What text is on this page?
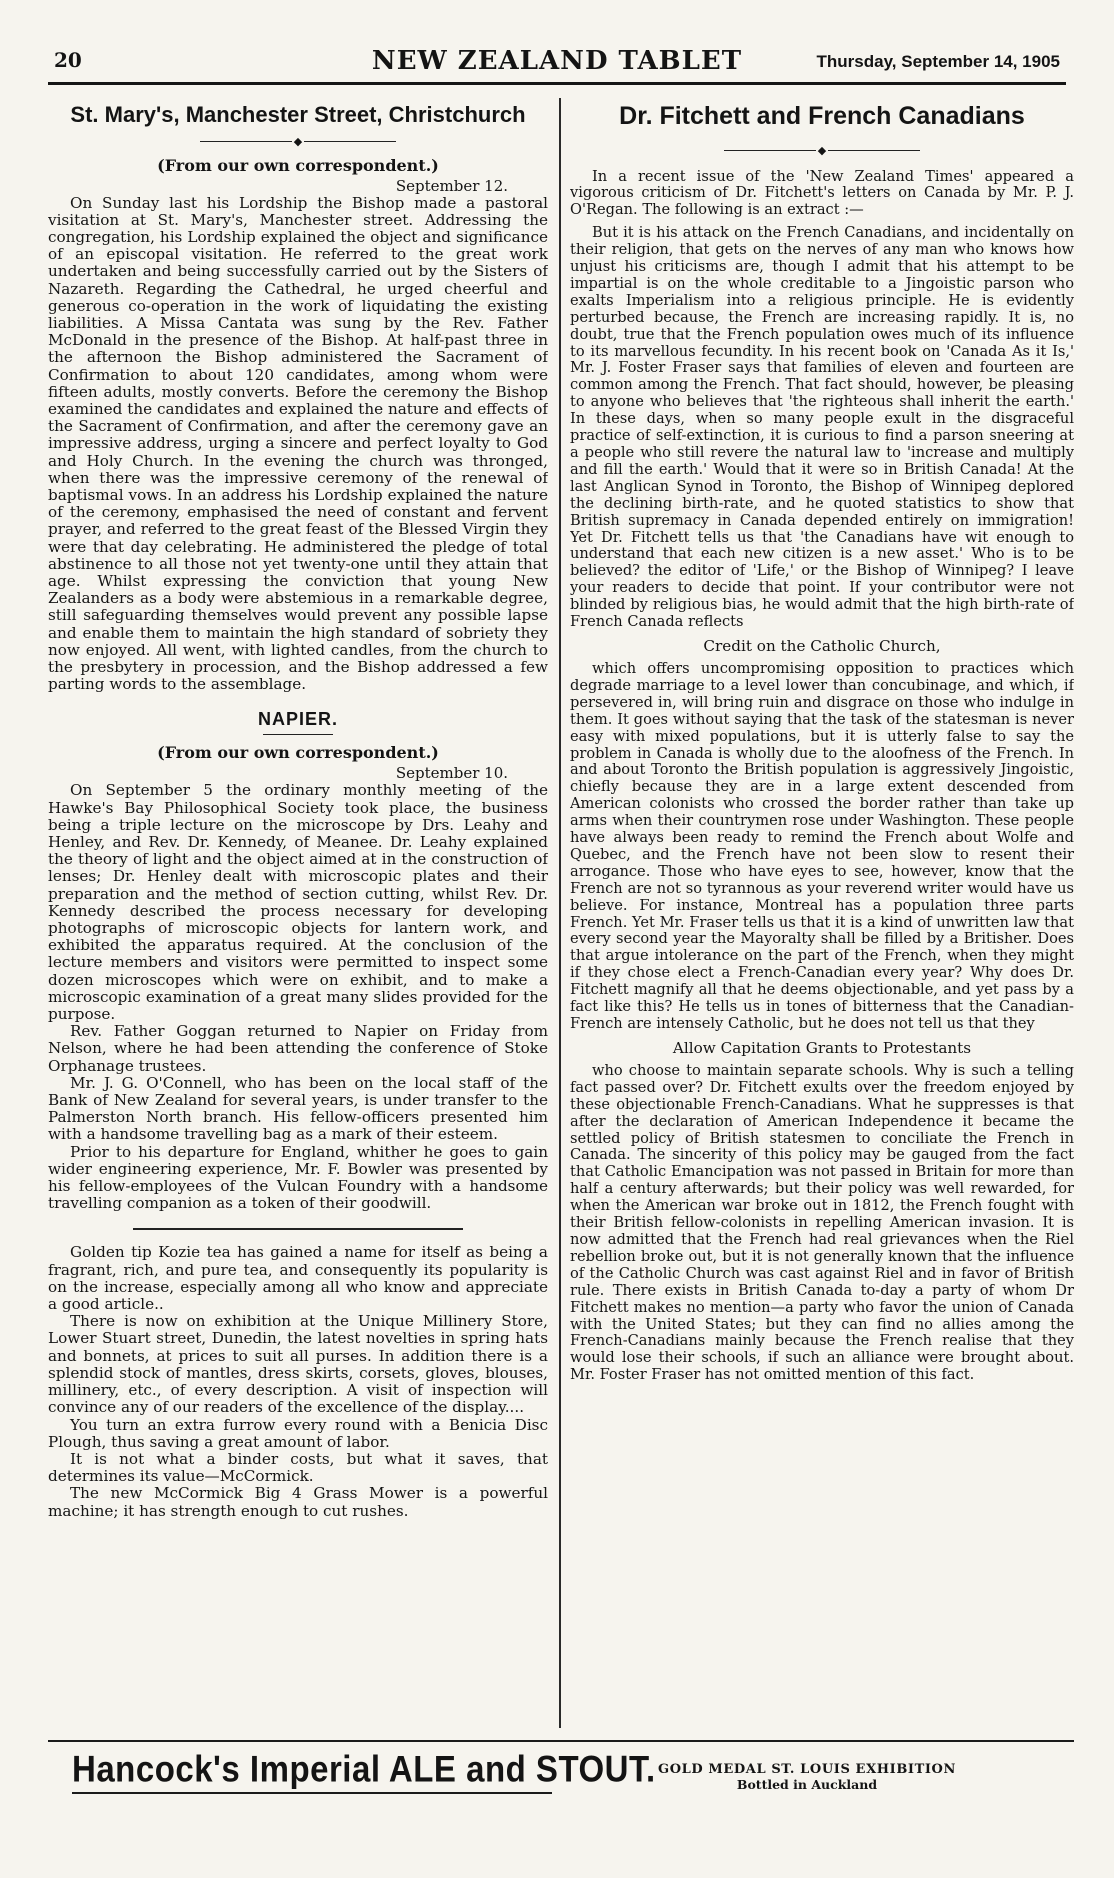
20	NEW ZEALAND TABLET	Thursday, September 14, 1905
St. Mary's, Manchester Street, Christchurch
◆
(From our own correspondent.)
September 12.

On Sunday last his Lordship the Bishop made a pastoral visitation at St. Mary's, Manchester street. Addressing the congregation, his Lordship explained the object and significance of an episcopal visitation. He referred to the great work undertaken and being successfully carried out by the Sisters of Nazareth. Regarding the Cathedral, he urged cheerful and generous co-operation in the work of liquidating the existing liabilities. A Missa Cantata was sung by the Rev. Father McDonald in the presence of the Bishop. At half-past three in the afternoon the Bishop administered the Sacrament of Confirmation to about 120 candidates, among whom were fifteen adults, mostly converts. Before the ceremony the Bishop examined the candidates and explained the nature and effects of the Sacrament of Confirmation, and after the ceremony gave an impressive address, urging a sincere and perfect loyalty to God and Holy Church. In the evening the church was thronged, when there was the impressive ceremony of the renewal of baptismal vows. In an address his Lordship explained the nature of the ceremony, emphasised the need of constant and fervent prayer, and referred to the great feast of the Blessed Virgin they were that day celebrating. He administered the pledge of total abstinence to all those not yet twenty-one until they attain that age. Whilst expressing the conviction that young New Zealanders as a body were abstemious in a remarkable degree, still safeguarding themselves would prevent any possible lapse and enable them to maintain the high standard of sobriety they now enjoyed. All went, with lighted candles, from the church to the presbytery in procession, and the Bishop addressed a few parting words to the assemblage.

NAPIER.
(From our own correspondent.)
September 10.

On September 5 the ordinary monthly meeting of the Hawke's Bay Philosophical Society took place, the business being a triple lecture on the microscope by Drs. Leahy and Henley, and Rev. Dr. Kennedy, of Meanee. Dr. Leahy explained the theory of light and the object aimed at in the construction of lenses; Dr. Henley dealt with microscopic plates and their preparation and the method of section cutting, whilst Rev. Dr. Kennedy described the process necessary for developing photographs of microscopic objects for lantern work, and exhibited the apparatus required. At the conclusion of the lecture members and visitors were permitted to inspect some dozen microscopes which were on exhibit, and to make a microscopic examination of a great many slides provided for the purpose.

Rev. Father Goggan returned to Napier on Friday from Nelson, where he had been attending the conference of Stoke Orphanage trustees.

Mr. J. G. O'Connell, who has been on the local staff of the Bank of New Zealand for several years, is under transfer to the Palmerston North branch. His fellow-officers presented him with a handsome travelling bag as a mark of their esteem.

Prior to his departure for England, whither he goes to gain wider engineering experience, Mr. F. Bowler was presented by his fellow-employees of the Vulcan Foundry with a handsome travelling companion as a token of their goodwill.

Golden tip Kozie tea has gained a name for itself as being a fragrant, rich, and pure tea, and consequently its popularity is on the increase, especially among all who know and appreciate a good article..

There is now on exhibition at the Unique Millinery Store, Lower Stuart street, Dunedin, the latest novelties in spring hats and bonnets, at prices to suit all purses. In addition there is a splendid stock of mantles, dress skirts, corsets, gloves, blouses, millinery, etc., of every description. A visit of inspection will convince any of our readers of the excellence of the display....

You turn an extra furrow every round with a Benicia Disc Plough, thus saving a great amount of labor.

It is not what a binder costs, but what it saves, that determines its value—McCormick.

The new McCormick Big 4 Grass Mower is a powerful machine; it has strength enough to cut rushes.

Dr. Fitchett and French Canadians
◆

In a recent issue of the 'New Zealand Times' appeared a vigorous criticism of Dr. Fitchett's letters on Canada by Mr. P. J. O'Regan. The following is an extract :—

But it is his attack on the French Canadians, and incidentally on their religion, that gets on the nerves of any man who knows how unjust his criticisms are, though I admit that his attempt to be impartial is on the whole creditable to a Jingoistic parson who exalts Imperialism into a religious principle. He is evidently perturbed because, the French are increasing rapidly. It is, no doubt, true that the French population owes much of its influence to its marvellous fecundity. In his recent book on 'Canada As it Is,' Mr. J. Foster Fraser says that families of eleven and fourteen are common among the French. That fact should, however, be pleasing to anyone who believes that 'the righteous shall inherit the earth.' In these days, when so many people exult in the disgraceful practice of self-extinction, it is curious to find a parson sneering at a people who still revere the natural law to 'increase and multiply and fill the earth.' Would that it were so in British Canada! At the last Anglican Synod in Toronto, the Bishop of Winnipeg deplored the declining birth-rate, and he quoted statistics to show that British supremacy in Canada depended entirely on immigration! Yet Dr. Fitchett tells us that 'the Canadians have wit enough to understand that each new citizen is a new asset.' Who is to be believed? the editor of 'Life,' or the Bishop of Winnipeg? I leave your readers to decide that point. If your contributor were not blinded by religious bias, he would admit that the high birth-rate of French Canada reflects

Credit on the Catholic Church,

which offers uncompromising opposition to practices which degrade marriage to a level lower than concubinage, and which, if persevered in, will bring ruin and disgrace on those who indulge in them. It goes without saying that the task of the statesman is never easy with mixed populations, but it is utterly false to say the problem in Canada is wholly due to the aloofness of the French. In and about Toronto the British population is aggressively Jingoistic, chiefly because they are in a large extent descended from American colonists who crossed the border rather than take up arms when their countrymen rose under Washington. These people have always been ready to remind the French about Wolfe and Quebec, and the French have not been slow to resent their arrogance. Those who have eyes to see, however, know that the French are not so tyrannous as your reverend writer would have us believe. For instance, Montreal has a population three parts French. Yet Mr. Fraser tells us that it is a kind of unwritten law that every second year the Mayoralty shall be filled by a Britisher. Does that argue intolerance on the part of the French, when they might if they chose elect a French-Canadian every year? Why does Dr. Fitchett magnify all that he deems objectionable, and yet pass by a fact like this? He tells us in tones of bitterness that the Canadian-French are intensely Catholic, but he does not tell us that they

Allow Capitation Grants to Protestants

who choose to maintain separate schools. Why is such a telling fact passed over? Dr. Fitchett exults over the freedom enjoyed by these objectionable French-Canadians. What he suppresses is that after the declaration of American Independence it became the settled policy of British statesmen to conciliate the French in Canada. The sincerity of this policy may be gauged from the fact that Catholic Emancipation was not passed in Britain for more than half a century afterwards; but their policy was well rewarded, for when the American war broke out in 1812, the French fought with their British fellow-colonists in repelling American invasion. It is now admitted that the French had real grievances when the Riel rebellion broke out, but it is not generally known that the influence of the Catholic Church was cast against Riel and in favor of British rule. There exists in British Canada to-day a party of whom Dr Fitchett makes no mention—a party who favor the union of Canada with the United States; but they can find no allies among the French-Canadians mainly because the French realise that they would lose their schools, if such an alliance were brought about. Mr. Foster Fraser has not omitted mention of this fact.

Hancock's Imperial ALE and STOUT. GOLD MEDAL ST. LOUIS EXHIBITION
Bottled in Auckland
